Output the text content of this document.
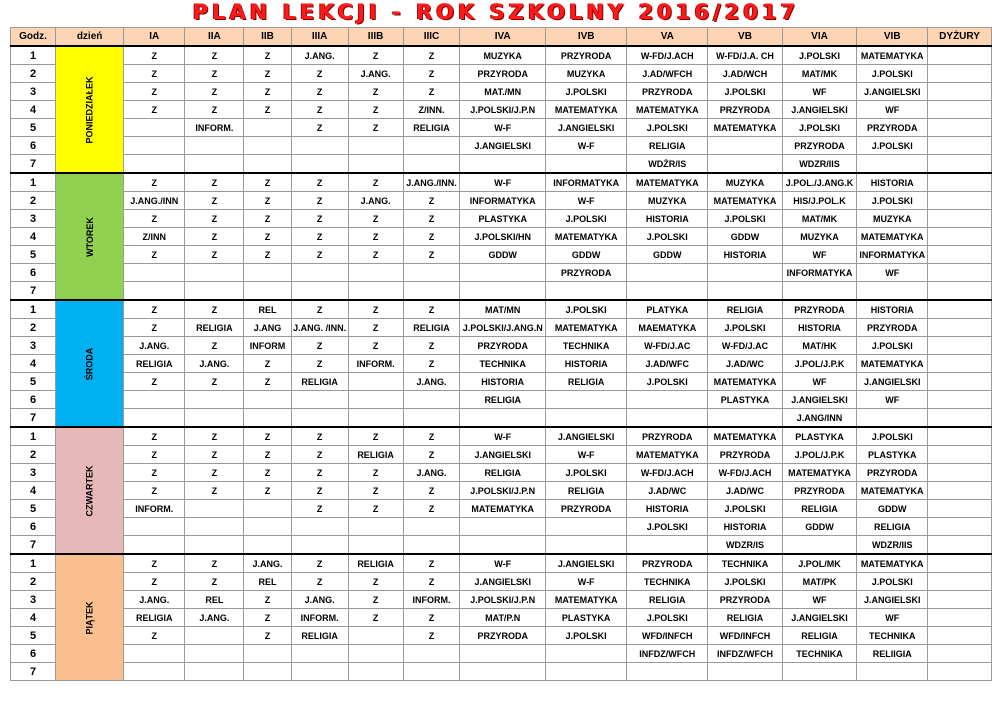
PLAN LEKCJI - ROK SZKOLNY 2016/2017
Godz.	dzień	IA	IIA	IIB	IIIA	IIIB	IIIC	IVA	IVB	VA	VB	VIA	VIB	DYŻURY
1	PONIEDZIAŁEK	Z	Z	Z	J.ANG.	Z	Z	MUZYKA	PRZYRODA	W-FD/J.ACH	W-FD/J.A. CH	J.POLSKI	MATEMATYKA	
2		Z	Z	Z	Z	J.ANG.	Z	PRZYRODA	MUZYKA	J.AD/WFCH	J.AD/WCH	MAT/MK	J.POLSKI	
3		Z	Z	Z	Z	Z	Z	MAT./MN	J.POLSKI	PRZYRODA	J.POLSKI	WF	J.ANGIELSKI	
4		Z	Z	Z	Z	Z	Z/INN.	J.POLSKI/J.P.N	MATEMATYKA	MATEMATYKA	PRZYRODA	J.ANGIELSKI	WF	
5			INFORM.		Z	Z	RELIGIA	W-F	J.ANGIELSKI	J.POLSKI	MATEMATYKA	J.POLSKI	PRZYRODA	
6								J.ANGIELSKI	W-F	RELIGIA		PRZYRODA	J.POLSKI	
7										WDŻR/IS		WDZR/IIS		
1	WTOREK	Z	Z	Z	Z	Z	J.ANG./INN.	W-F	INFORMATYKA	MATEMATYKA	MUZYKA	J.POL./J.ANG.K	HISTORIA	
2		J.ANG./INN	Z	Z	Z	J.ANG.	Z	INFORMATYKA	W-F	MUZYKA	MATEMATYKA	HIS/J.POL.K	J.POLSKI	
3		Z	Z	Z	Z	Z	Z	PLASTYKA	J.POLSKI	HISTORIA	J.POLSKI	MAT/MK	MUZYKA	
4		Z/INN	Z	Z	Z	Z	Z	J.POLSKI/HN	MATEMATYKA	J.POLSKI	GDDW	MUZYKA	MATEMATYKA	
5		Z	Z	Z	Z	Z	Z	GDDW	GDDW	GDDW	HISTORIA	WF	INFORMATYKA	
6									PRZYRODA			INFORMATYKA	WF	
7														
1	ŚRODA	Z	Z	REL	Z	Z	Z	MAT/MN	J.POLSKI	PLATYKA	RELIGIA	PRZYRODA	HISTORIA	
2		Z	RELIGIA	J.ANG	J.ANG. /INN.	Z	RELIGIA	J.POLSKI/J.ANG.N	MATEMATYKA	MAEMATYKA	J.POLSKI	HISTORIA	PRZYRODA	
3		J.ANG.	Z	INFORM	Z	Z	Z	PRZYRODA	TECHNIKA	W-FD/J.AC	W-FD/J.AC	MAT/HK	J.POLSKI	
4		RELIGIA	J.ANG.	Z	Z	INFORM.	Z	TECHNIKA	HISTORIA	J.AD/WFC	J.AD/WC	J.POL/J.P.K	MATEMATYKA	
5		Z	Z	Z	RELIGIA		J.ANG.	HISTORIA	RELIGIA	J.POLSKI	MATEMATYKA	WF	J.ANGIELSKI	
6								RELIGIA			PLASTYKA	J.ANGIELSKI	WF	
7												J.ANG/INN		
1	CZWARTEK	Z	Z	Z	Z	Z	Z	W-F	J.ANGIELSKI	PRZYRODA	MATEMATYKA	PLASTYKA	J.POLSKI	
2		Z	Z	Z	Z	RELIGIA	Z	J.ANGIELSKI	W-F	MATEMATYKA	PRZYRODA	J.POL/J.P.K	PLASTYKA	
3		Z	Z	Z	Z	Z	J.ANG.	RELIGIA	J.POLSKI	W-FD/J.ACH	W-FD/J.ACH	MATEMATYKA	PRZYRODA	
4		Z	Z	Z	Z	Z	Z	J.POLSKI/J.P.N	RELIGIA	J.AD/WC	J.AD/WC	PRZYRODA	MATEMATYKA	
5		INFORM.			Z	Z	Z	MATEMATYKA	PRZYRODA	HISTORIA	J.POLSKI	RELIGIA	GDDW	
6										J.POLSKI	HISTORIA	GDDW	RELIGIA	
7											WDZR/IS		WDZR/IIS	
1	PIĄTEK	Z	Z	J.ANG.	Z	RELIGIA	Z	W-F	J.ANGIELSKI	PRZYRODA	TECHNIKA	J.POL/MK	MATEMATYKA	
2		Z	Z	REL	Z	Z	Z	J.ANGIELSKI	W-F	TECHNIKA	J.POLSKI	MAT/PK	J.POLSKI	
3		J.ANG.	REL	Z	J.ANG.	Z	INFORM.	J.POLSKI/J.P.N	MATEMATYKA	RELIGIA	PRZYRODA	WF	J.ANGIELSKI	
4		RELIGIA	J.ANG.	Z	INFORM.	Z	Z	MAT/P.N	PLASTYKA	J.POLSKI	RELIGIA	J.ANGIELSKI	WF	
5		Z		Z	RELIGIA		Z	PRZYRODA	J.POLSKI	WFD/INFCH	WFD/INFCH	RELIGIA	TECHNIKA	
6										INFDZ/WFCH	INFDZ/WFCH	TECHNIKA	RELIIGIA	
7														
